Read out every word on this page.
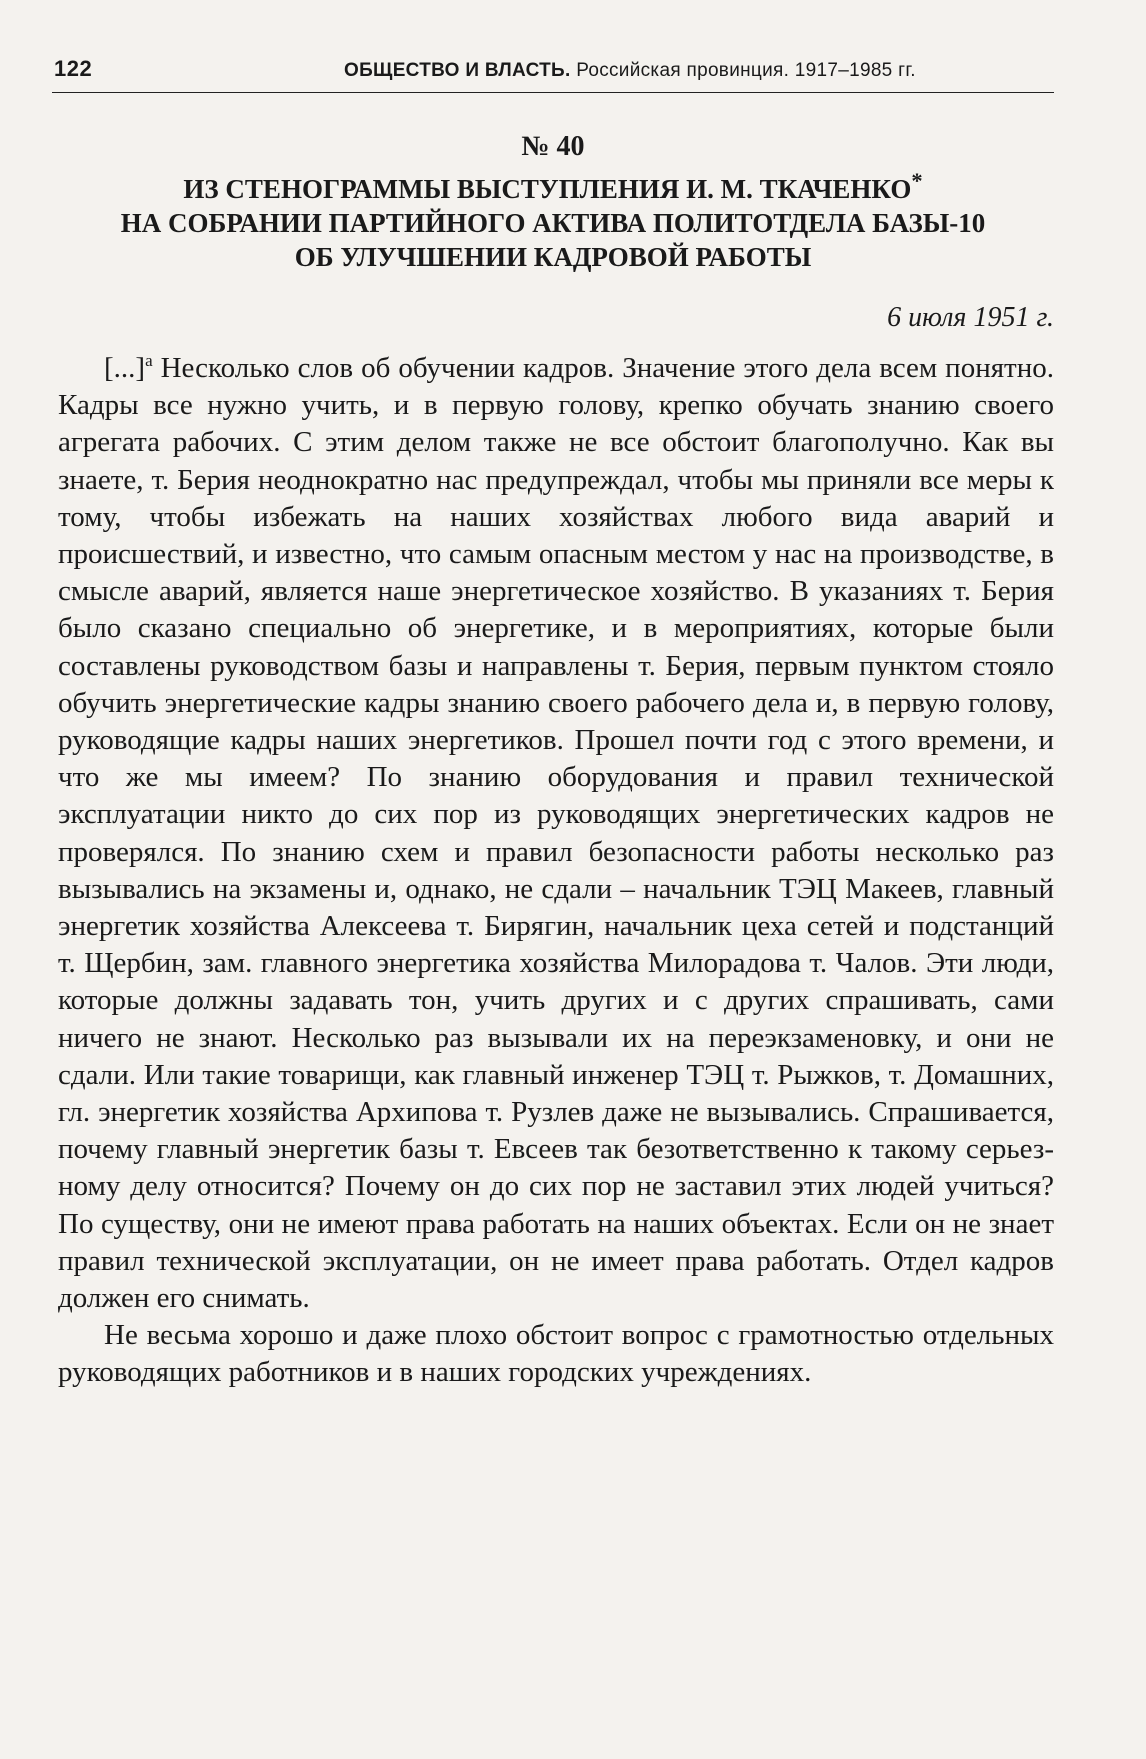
122	ОБЩЕСТВО И ВЛАСТЬ. Российская провинция. 1917–1985 гг.
№ 40
ИЗ СТЕНОГРАММЫ ВЫСТУПЛЕНИЯ И. М. ТКАЧЕНКО*
НА СОБРАНИИ ПАРТИЙНОГО АКТИВА ПОЛИТОТДЕЛА БАЗЫ-10
ОБ УЛУЧШЕНИИ КАДРОВОЙ РАБОТЫ
6 июля 1951 г.

[...]$^а$ Несколько слов об обучении кадров. Значение этого дела всем понятно. Кадры все нужно учить, и в первую голову, крепко обучать знанию своего агрегата рабочих. С этим делом также не все обстоит благополучно. Как вы знаете, т. Берия неоднократно нас предупреждал, чтобы мы приняли все меры к тому, чтобы избежать на наших хозяйствах любого вида аварий и происшествий, и известно, что самым опасным местом у нас на производстве, в смысле аварий, является наше энергетическое хозяйство. В указаниях т. Берия было сказано специально об энергетике, и в мероприятиях, которые были составлены руководством базы и направлены т. Берия, первым пунктом стояло обучить энергетические кадры знанию своего рабочего дела и, в первую голову, руководящие кадры наших энергетиков. Прошел почти год с этого времени, и что же мы имеем? По знанию оборудования и правил технической эксплуатации никто до сих пор из руководящих энергетических кадров не проверялся. По знанию схем и правил безопасности работы несколько раз вызывались на экзамены и, однако, не сдали – начальник ТЭЦ Макеев, главный энергетик хозяйства Алексеева т. Бирягин, начальник цеха сетей и подстанций т. Щербин, зам. главного энергетика хозяйства Милорадова т. Чалов. Эти люди, которые должны задавать тон, учить других и с других спрашивать, сами ничего не знают. Несколько раз вызывали их на переэкзаменовку, и они не сдали. Или такие товарищи, как главный инженер ТЭЦ т. Рыжков, т. Домашних, гл. энергетик хозяйства Архипова т. Рузлев даже не вызывались. Спрашивается, почему главный энергетик базы т. Евсеев так безответственно к такому серьезному делу относится? Почему он до сих пор не заставил этих людей учиться? По существу, они не имеют права работать на наших объектах. Если он не знает правил технической эксплуатации, он не имеет права работать. Отдел кадров должен его снимать.

Не весьма хорошо и даже плохо обстоит вопрос с грамотностью отдельных руководящих работников и в наших городских учреждениях.
